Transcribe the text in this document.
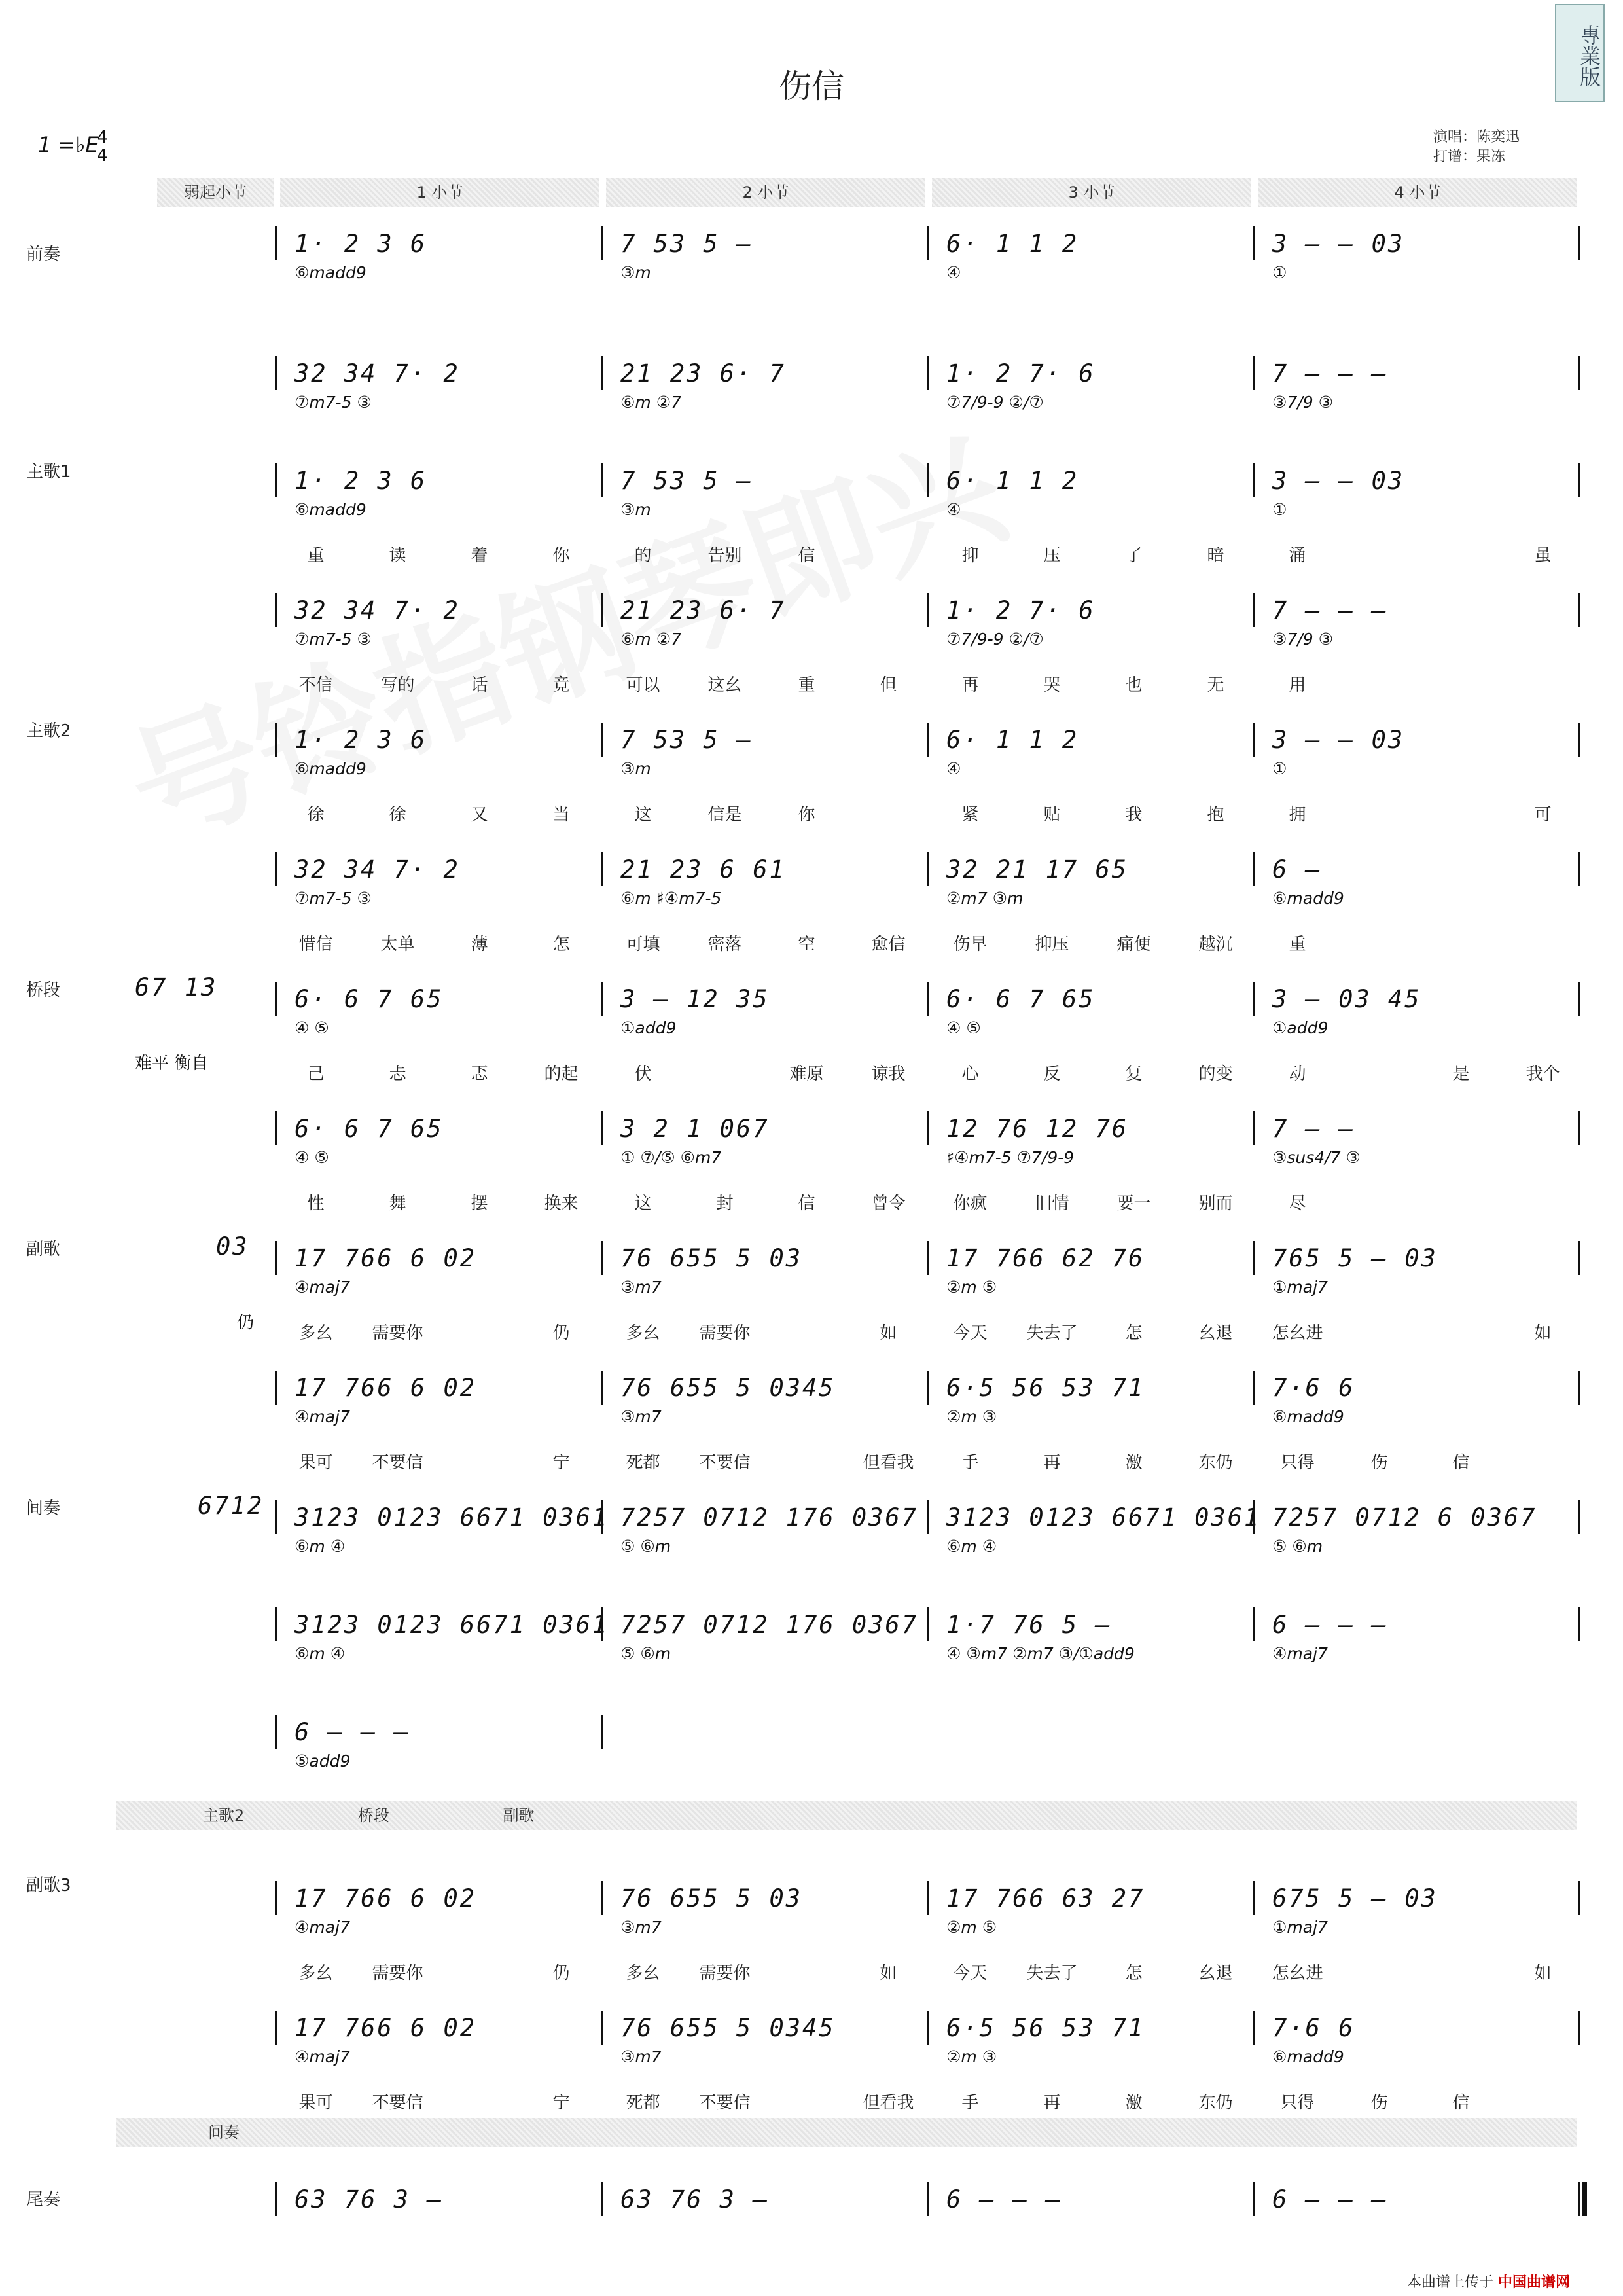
伤信	專業版
1 =♭E
4
4
演唱：陈奕迅
打谱：果冻
弱起小节	1 小节	2 小节	3 小节	4 小节
前奏
主歌1
主歌2
桥段
副歌
间奏
副歌3
尾奏
67 13
难平 衡自
03
仍
6712
主歌2	桥段	副歌
间奏
1· 2 3 6	7 53 5 —	6· 1 1 2	3 — — 03
⑥madd9	③m	④	①
32 34 7· 2	21 23 6· 7	1· 2 7· 6	7 — — —
⑦m7-5 ③	⑥m ②7	⑦7/9-9 ②/⑦	③7/9 ③
1· 2 3 6	7 53 5 —	6· 1 1 2	3 — — 03
⑥madd9	③m	④	①
重	读	着	你	的	告别	信	抑	压	了	暗	涌	虽
32 34 7· 2	21 23 6· 7	1· 2 7· 6	7 — — —
⑦m7-5 ③	⑥m ②7	⑦7/9-9 ②/⑦	③7/9 ③
不信	写的	话	竟	可以	这幺	重	但	再	哭	也	无	用
1· 2 3 6	7 53 5 —	6· 1 1 2	3 — — 03
⑥madd9	③m	④	①
徐	徐	又	当	这	信是	你	紧	贴	我	抱	拥	可
32 34 7· 2	21 23 6 61	32 21 17 65	6 —
⑦m7-5 ③	⑥m ♯④m7-5	②m7 ③m	⑥madd9
惜信	太单	薄	怎	可填	密落	空	愈信	伤早	抑压	痛便	越沉	重
6· 6 7 65	3 — 12 35	6· 6 7 65	3 — 03 45
④ ⑤	①add9	④ ⑤	①add9
己	忐	忑	的起	伏	难原	谅我	心	反	复	的变	动	是	我个
6· 6 7 65	3 2 1 067	12 76 12 76	7 — —
④ ⑤	① ⑦/⑤ ⑥m7	♯④m7-5 ⑦7/9-9	③sus4/7 ③
性	舞	摆	换来	这	封	信	曾令	你疯	旧情	要一	别而	尽
17 766 6 02	76 655 5 03	17 766 62 76	765 5 — 03
④maj7	③m7	②m ⑤	①maj7
多幺	需要你	仍	多幺	需要你	如	今天	失去了	怎	幺退	怎幺进	如
17 766 6 02	76 655 5 0345	6·5 56 53 71	7·6 6
④maj7	③m7	②m ③	⑥madd9
果可	不要信	宁	死都	不要信	但看我	手	再	激	东仍	只得	伤	信
3123 0123 6671 0361 7257 0712 176 0367 3123 0123 6671 0361 7257 0712 6 0367
⑥m ④	⑤ ⑥m	⑥m ④	⑤ ⑥m
3123 0123 6671 0361 7257 0712 176 0367 1·7 76 5 —	6 — — —
⑥m ④	⑤ ⑥m	④ ③m7 ②m7 ③/①add9	④maj7
6 — — —
⑤add9
17 766 6 02	76 655 5 03	17 766 63 27	675 5 — 03
④maj7	③m7	②m ⑤	①maj7
多幺	需要你	仍	多幺	需要你	如	今天	失去了	怎	幺退	怎幺进	如
17 766 6 02	76 655 5 0345	6·5 56 53 71	7·6 6
④maj7	③m7	②m ③	⑥madd9
果可	不要信	宁	死都	不要信	但看我	手	再	激	东仍	只得	伤	信
63 76 3 —	63 76 3 —	6 — — —	6 — — —
本曲谱上传于 中国曲谱网
